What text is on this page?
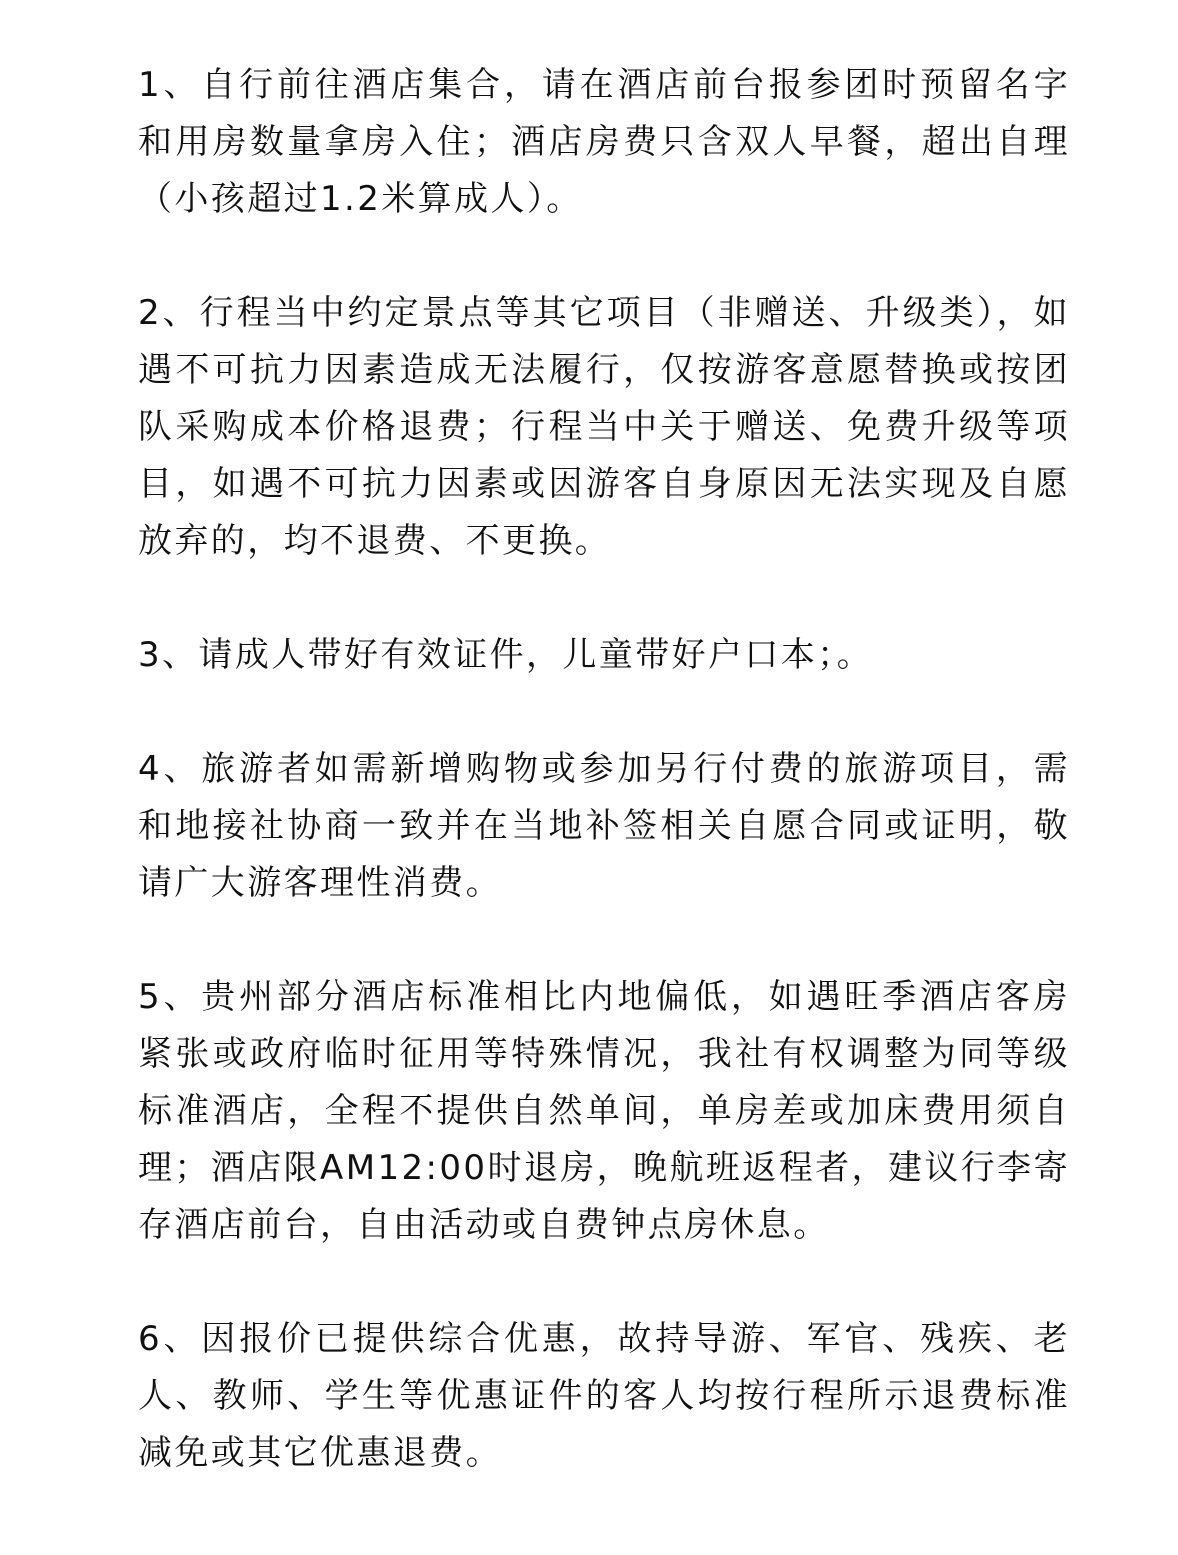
1、自行前往酒店集合，请在酒店前台报参团时预留名字和用房数量拿房入住；酒店房费只含双人早餐，超出自理（小孩超过1.2米算成人）。

2、行程当中约定景点等其它项目（非赠送、升级类），如遇不可抗力因素造成无法履行，仅按游客意愿替换或按团队采购成本价格退费；行程当中关于赠送、免费升级等项目，如遇不可抗力因素或因游客自身原因无法实现及自愿放弃的，均不退费、不更换。

3、请成人带好有效证件，儿童带好户口本；。

4、旅游者如需新增购物或参加另行付费的旅游项目，需和地接社协商一致并在当地补签相关自愿合同或证明，敬请广大游客理性消费。

5、贵州部分酒店标准相比内地偏低，如遇旺季酒店客房紧张或政府临时征用等特殊情况，我社有权调整为同等级标准酒店，全程不提供自然单间，单房差或加床费用须自理；酒店限AM12:00时退房，晚航班返程者，建议行李寄存酒店前台，自由活动或自费钟点房休息。

6、因报价已提供综合优惠，故持导游、军官、残疾、老人、教师、学生等优惠证件的客人均按行程所示退费标准减免或其它优惠退费。
